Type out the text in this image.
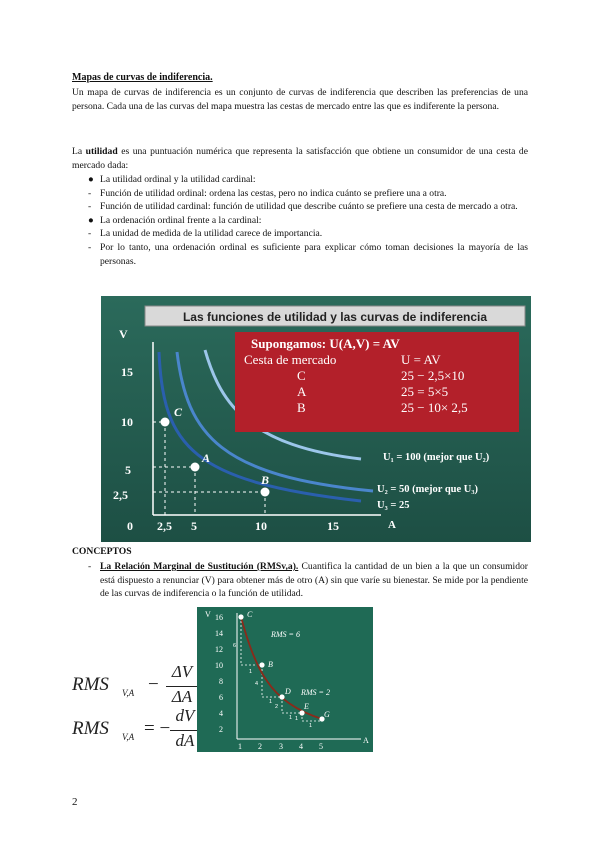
Mapas de curvas de indiferencia.
Un mapa de curvas de indiferencia es un conjunto de curvas de indiferencia que describen las preferencias de una persona. Cada una de las curvas del mapa muestra las cestas de mercado entre las que es indiferente la persona.
La utilidad es una puntuación numérica que representa la satisfacción que obtiene un consumidor de una cesta de mercado dada:
● La utilidad ordinal y la utilidad cardinal:
- Función de utilidad ordinal: ordena las cestas, pero no indica cuánto se prefiere una a otra.
- Función de utilidad cardinal: función de utilidad que describe cuánto se prefiere una cesta de mercado a otra.
● La ordenación ordinal frente a la cardinal:
- La unidad de medida de la utilidad carece de importancia.
- Por lo tanto, una ordenación ordinal es suficiente para explicar cómo toman decisiones la mayoría de las personas.
Las funciones de utilidad y las curvas de indiferencia
V
A
15
10
5
2,5
0 2,5 5	10	15
C
A
B
Supongamos: U(A,V) = AV
Cesta de mercado	U = AV
C	25 − 2,5×10
A	25 = 5×5
B	25 − 10× 2,5
U₁ = 100 (mejor que U₂)
U₂ = 50 (mejor que U₃)
U₃ = 25
CONCEPTOS
- La Relación Marginal de Sustitución (RMSv,a). Cuantifica la cantidad de un bien a la que un consumidor está dispuesto a renunciar (V) para obtener más de otro (A) sin que varíe su bienestar. Se mide por la pendiente de las curvas de indiferencia o la función de utilidad.
RMS V,A −
ΔV
ΔA
RMS V,A = −
dV
dA
V
A
16
14
12
10
8
6
4
2
1 2 3 4 5
C
B
D
E
G
RMS = 6
RMS = 2
6
1
4
1
2
1 1
1
2
